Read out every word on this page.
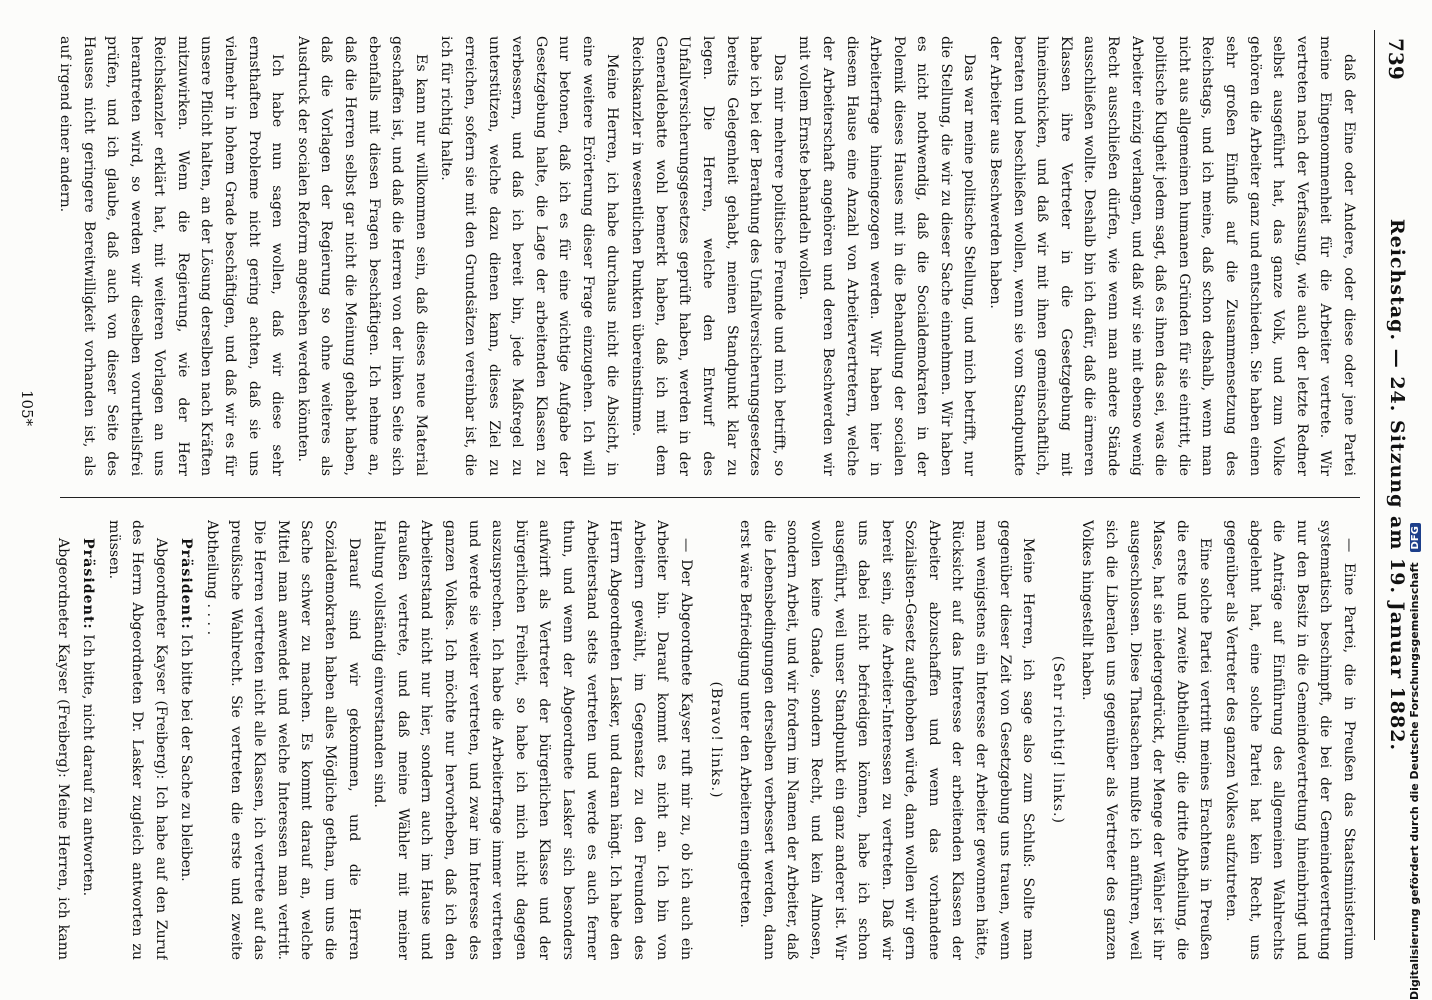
739
Reichstag. — 24. Sitzung am 19. Januar 1882.

daß der Eine oder Andere, oder diese oder jene Partei meine Eingenommenheit für die Arbeiter vertrete. Wir vertreten nach der Verfassung, wie auch der letzte Redner selbst ausgeführt hat, das ganze Volk, und zum Volke gehören die Arbeiter ganz und entschieden. Sie haben einen sehr großen Einfluß auf die Zusammensetzung des Reichstags, und ich meine, daß schon deshalb, wenn man nicht aus allgemeinen humanen Gründen für sie eintritt, die politische Klugheit jedem sagt, daß es ihnen das sei, was die Arbeiter einzig verlangen, und daß wir sie mit ebenso wenig Recht ausschließen dürfen, wie wenn man andere Stände ausschließen wollte. Deshalb bin ich dafür, daß die ärmeren Klassen ihre Vertreter in die Gesetzgebung mit hineinschicken, und daß wir mit ihnen gemeinschaftlich, beraten und beschließen wollen, wenn sie vom Standpunkte der Arbeiter aus Beschwerden haben.

Das war meine politische Stellung, und mich betrifft, nur die Stellung, die wir zu dieser Sache einnehmen. Wir haben es nicht nothwendig, daß die Socialdemokraten in der Polemik dieses Hauses mit in die Behandlung der socialen Arbeiterfrage hineingezogen werden. Wir haben hier in diesem Hause eine Anzahl von Arbeitervertretern, welche der Arbeiterschaft angehören und deren Beschwerden wir mit vollem Ernste behandeln wollen.

Das mir mehrere politische Freunde und mich betrifft, so habe ich bei der Berathung des Unfallversicherungsgesetzes bereits Gelegenheit gehabt, meinen Standpunkt klar zu legen. Die Herren, welche den Entwurf des Unfallversicherungsgesetzes geprüft haben, werden in der Generaldebatte wohl bemerkt haben, daß ich mit dem Reichskanzler in wesentlichen Punkten übereinstimme.

Meine Herren, ich habe durchaus nicht die Absicht, in eine weitere Erörterung dieser Frage einzugehen. Ich will nur betonen, daß ich es für eine wichtige Aufgabe der Gesetzgebung halte, die Lage der arbeitenden Klassen zu verbessern, und daß ich bereit bin, jede Maßregel zu unterstützen, welche dazu dienen kann, dieses Ziel zu erreichen, sofern sie mit den Grundsätzen vereinbar ist, die ich für richtig halte.

Es kann nur willkommen sein, daß dieses neue Material geschaffen ist, und daß die Herren von der linken Seite sich ebenfalls mit diesen Fragen beschäftigen. Ich nehme an, daß die Herren selbst gar nicht die Meinung gehabt haben, daß die Vorlagen der Regierung so ohne weiteres als Ausdruck der socialen Reform angesehen werden könnten.

Ich habe nun sagen wollen, daß wir diese sehr ernsthaften Probleme nicht gering achten, daß sie uns vielmehr in hohem Grade beschäftigen, und daß wir es für unsere Pflicht halten, an der Lösung derselben nach Kräften mitzuwirken. Wenn die Regierung, wie der Herr Reichskanzler erklärt hat, mit weiteren Vorlagen an uns herantreten wird, so werden wir dieselben vorurtheilsfrei prüfen, und ich glaube, daß auch von dieser Seite des Hauses nicht geringere Bereitwilligkeit vorhanden ist, als auf irgend einer andern.

— Eine Partei, die in Preußen das Staatsministerium systematisch beschimpft, die bei der Gemeindevertretung nur den Besitz in die Gemeindevertretung hineinbringt und die Anträge auf Einführung des allgemeinen Wahlrechts abgelehnt hat, eine solche Partei hat kein Recht, uns gegenüber als Vertreter des ganzen Volkes aufzutreten.

Eine solche Partei vertritt meines Erachtens in Preußen die erste und zweite Abtheilung; die dritte Abtheilung, die Masse, hat sie niedergedrückt, der Menge der Wähler ist ihr ausgeschlossen. Diese Thatsachen mußte ich anführen, weil sich die Liberalen uns gegenüber als Vertreter des ganzen Volkes hingestellt haben.

(Sehr richtig! links.)

Meine Herren, ich sage also zum Schluß: Sollte man gegenüber dieser Zeit von Gesetzgebung uns trauen, wenn man wenigstens ein Interesse der Arbeiter gewonnen hätte, Rücksicht auf das Interesse der arbeitenden Klassen der Arbeiter abzuschaffen und wenn das vorhandene Sozialisten-Gesetz aufgehoben würde, dann wollen wir gern bereit sein, die Arbeiter-Interessen zu vertreten. Daß wir uns dabei nicht befriedigen können, habe ich schon ausgeführt, weil unser Standpunkt ein ganz anderer ist. Wir wollen keine Gnade, sondern Recht, und kein Almosen, sondern Arbeit, und wir fordern im Namen der Arbeiter, daß die Lebensbedingungen derselben verbessert werden, dann erst wäre Befriedigung unter den Arbeitern eingetreten.

(Bravo! links.)

— Der Abgeordnete Kayser ruft mir zu, ob ich auch ein Arbeiter bin. Darauf kommt es nicht an. Ich bin von Arbeitern gewählt, im Gegensatz zu den Freunden des Herrn Abgeordneten Lasker, und daran hängt. Ich habe den Arbeiterstand stets vertreten und werde es auch ferner thun, und wenn der Abgeordnete Lasker sich besonders aufwirft als Vertreter der bürgerlichen Klasse und der bürgerlichen Freiheit, so habe ich mich nicht dagegen auszusprechen. Ich habe die Arbeiterfrage immer vertreten und werde sie weiter vertreten, und zwar im Interesse des ganzen Volkes. Ich möchte nur hervorheben, daß ich den Arbeiterstand nicht nur hier, sondern auch im Hause und draußen vertrete, und daß meine Wähler mit meiner Haltung vollständig einverstanden sind.

Darauf sind wir gekommen, und die Herren Sozialdemokraten haben alles Mögliche gethan, um uns die Sache schwer zu machen. Es kommt darauf an, welche Mittel man anwendet und welche Interessen man vertritt. Die Herren vertreten nicht alle Klassen, ich vertrete auf das preußische Wahlrecht. Sie vertreten die erste und zweite Abtheilung . . . .

Präsident: Ich bitte bei der Sache zu bleiben.

Abgeordneter Kayser (Freiberg): Ich habe auf den Zuruf des Herrn Abgeordneten Dr. Lasker zugleich antworten zu müssen.

Präsident: Ich bitte, nicht darauf zu antworten.

Abgeordneter Kayser (Freiberg): Meine Herren, ich kann

105*
Digitalisierung gefördert durch die Deutsche Forschungsgemeinschaft DFG
